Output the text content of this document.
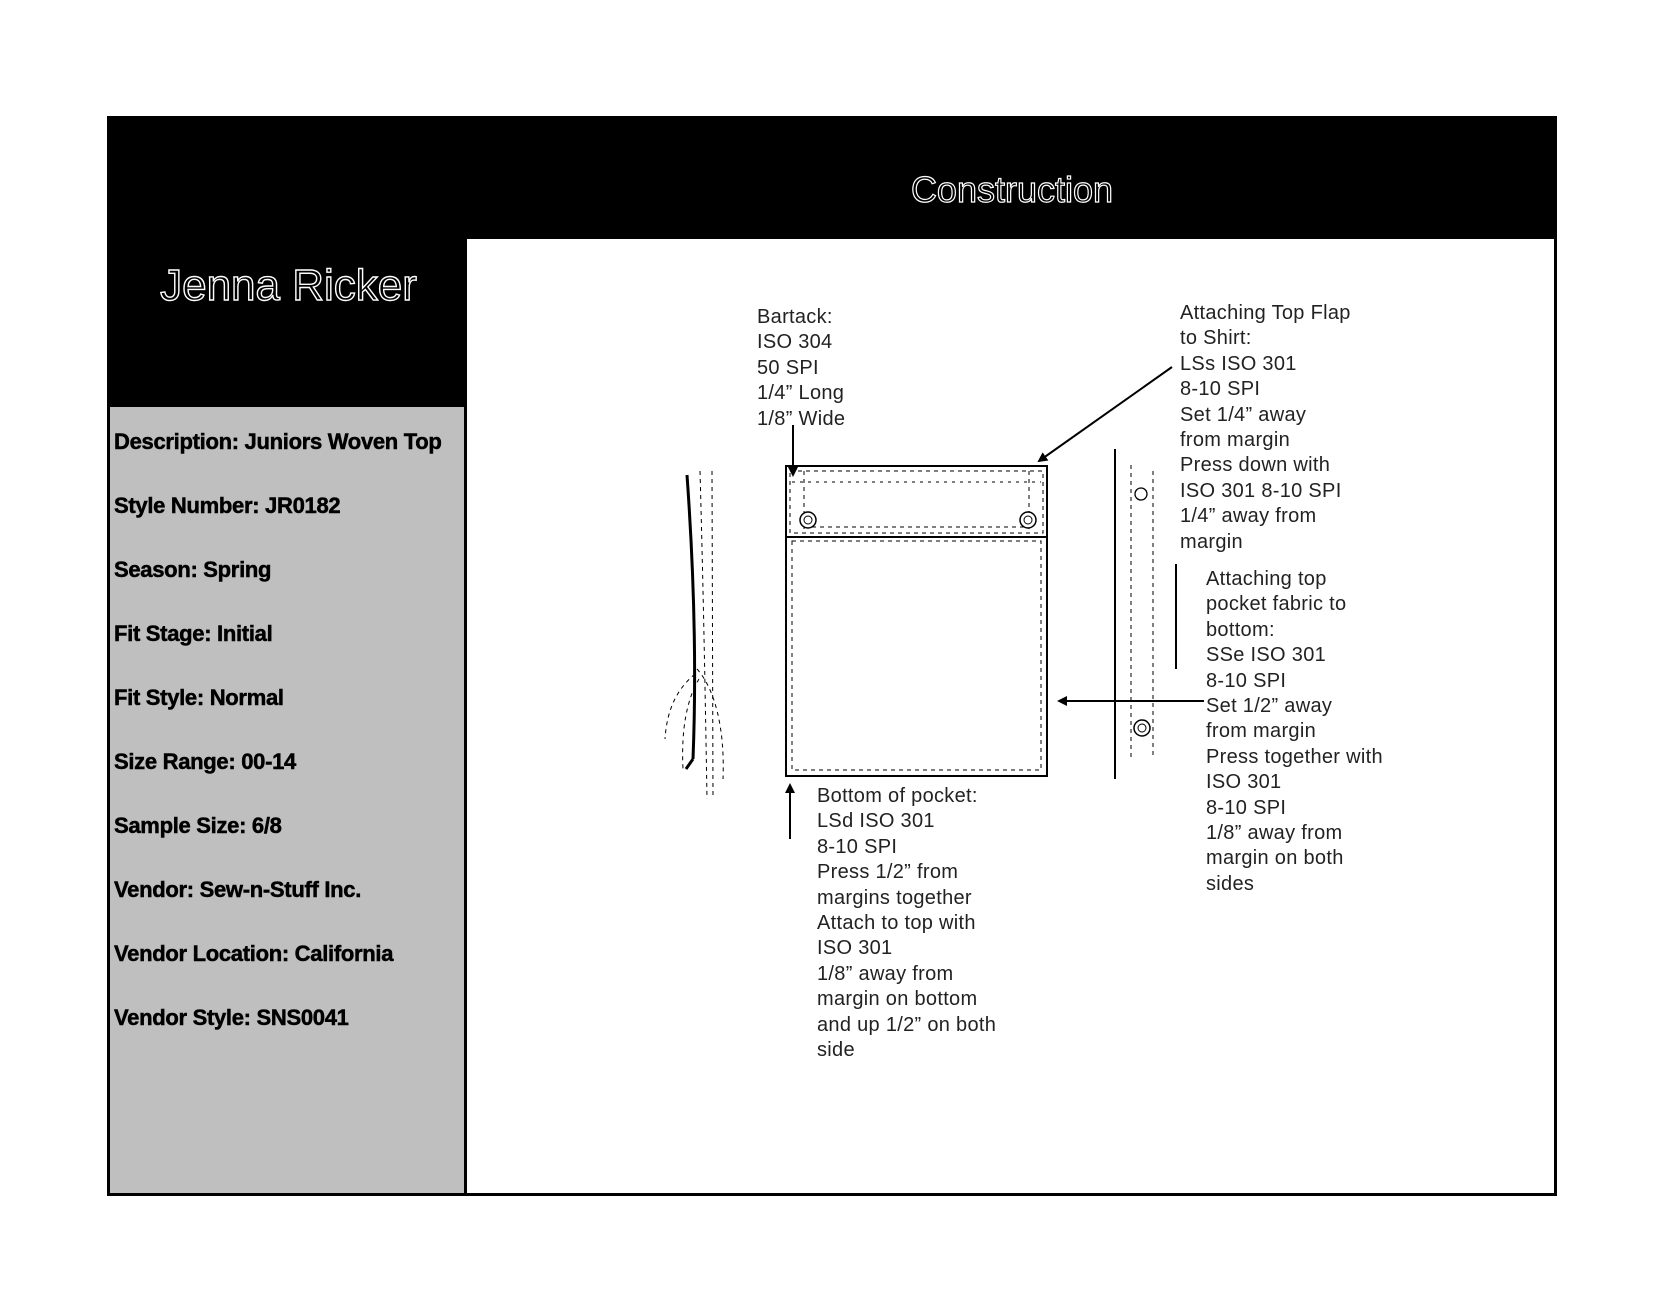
Construction
Jenna Ricker
Description: Juniors Woven Top
Style Number: JR0182
Season: Spring
Fit Stage: Initial
Fit Style: Normal
Size Range: 00-14
Sample Size: 6/8
Vendor: Sew-n-Stuff Inc.
Vendor Location: California
Vendor Style: SNS0041
Bartack:
ISO 304
50 SPI
1/4” Long
1/8” Wide
Attaching Top Flap
to Shirt:
LSs ISO 301
8-10 SPI
Set 1/4” away
from margin
Press down with
ISO 301 8-10 SPI
1/4” away from
margin
Attaching top
pocket fabric to
bottom:
SSe ISO 301
8-10 SPI
Set 1/2” away
from margin
Press together with
ISO 301
8-10 SPI
1/8” away from
margin on both
sides
Bottom of pocket:
LSd ISO 301
8-10 SPI
Press 1/2” from
margins together
Attach to top with
ISO 301
1/8” away from
margin on bottom
and up 1/2” on both
side
